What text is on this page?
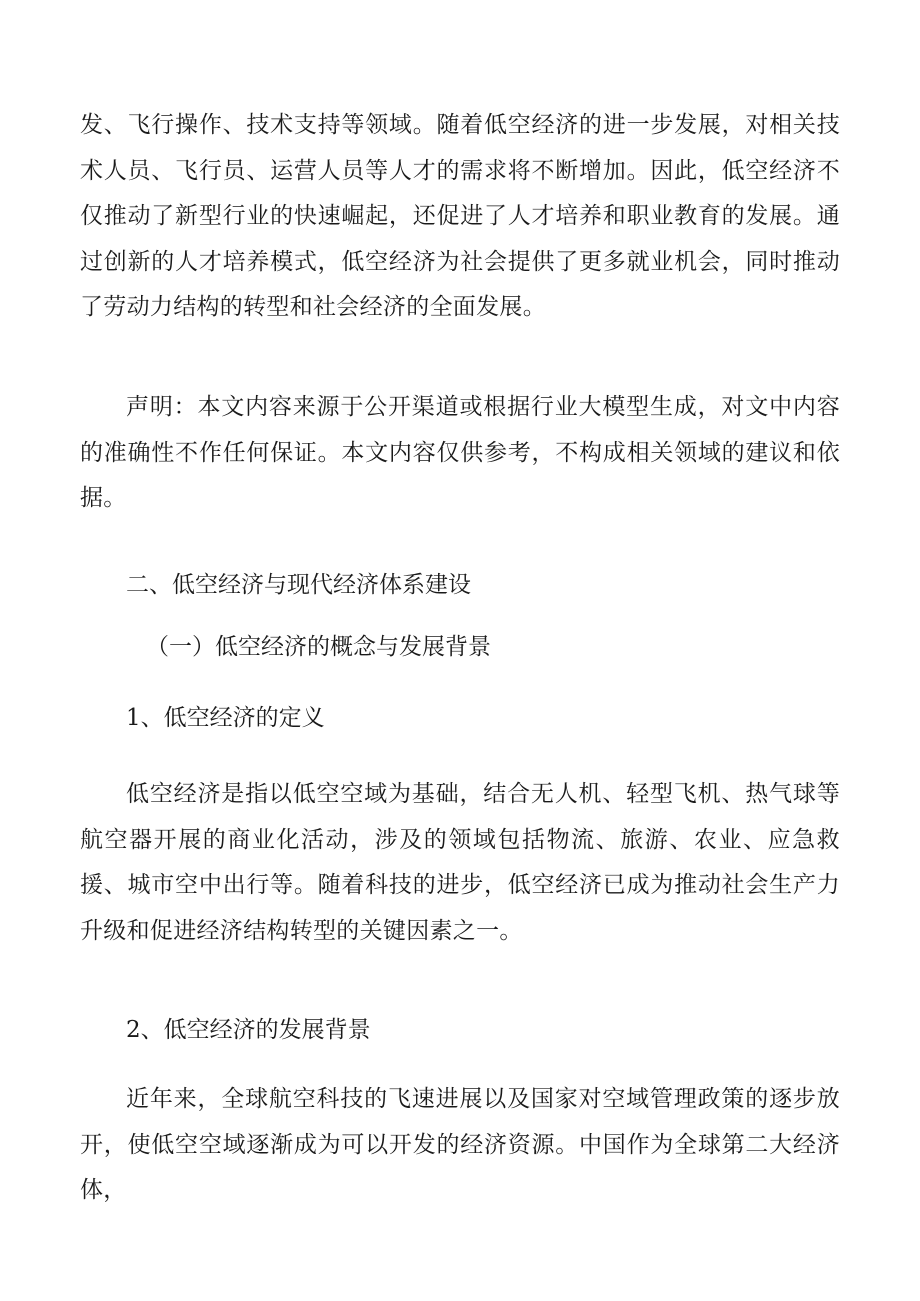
发、飞行操作、技术支持等领域。随着低空经济的进一步发展，对相关技术人员、飞行员、运营人员等人才的需求将不断增加。因此，低空经济不仅推动了新型行业的快速崛起，还促进了人才培养和职业教育的发展。通过创新的人才培养模式，低空经济为社会提供了更多就业机会，同时推动了劳动力结构的转型和社会经济的全面发展。

声明：本文内容来源于公开渠道或根据行业大模型生成，对文中内容的准确性不作任何保证。本文内容仅供参考，不构成相关领域的建议和依据。

二、低空经济与现代经济体系建设
（一）低空经济的概念与发展背景
1、低空经济的定义

低空经济是指以低空空域为基础，结合无人机、轻型飞机、热气球等航空器开展的商业化活动，涉及的领域包括物流、旅游、农业、应急救援、城市空中出行等。随着科技的进步，低空经济已成为推动社会生产力升级和促进经济结构转型的关键因素之一。

2、低空经济的发展背景

近年来，全球航空科技的飞速进展以及国家对空域管理政策的逐步放开，使低空空域逐渐成为可以开发的经济资源。中国作为全球第二大经济体，
